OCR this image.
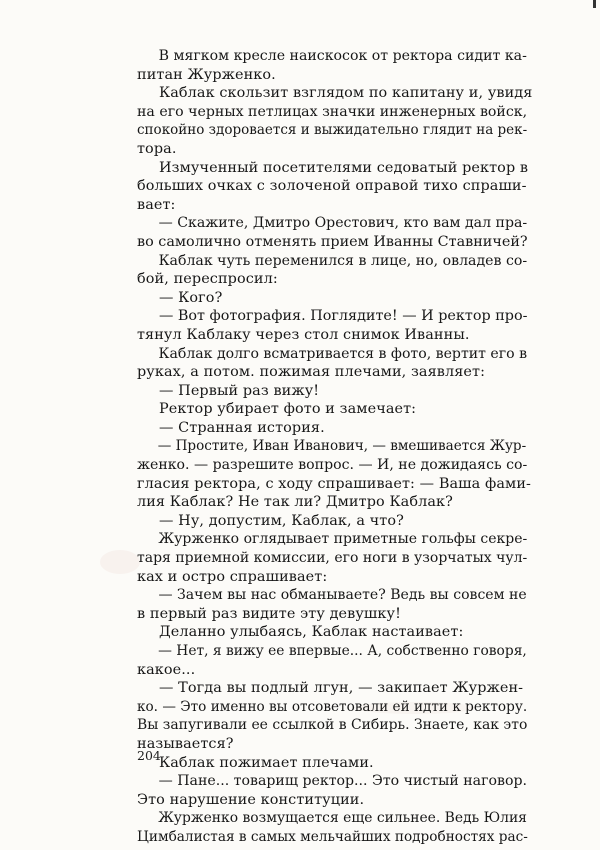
В мягком кресле наискосок от ректора сидит ка-
питан Журженко.
Каблак скользит взглядом по капитану и, увидя
на его черных петлицах значки инженерных войск,
спокойно здоровается и выжидательно глядит на рек-
тора.
Измученный посетителями седоватый ректор в
больших очках с золоченой оправой тихо спраши-
вает:
— Скажите, Дмитро Орестович, кто вам дал пра-
во самолично отменять прием Иванны Ставничей?
Каблак чуть переменился в лице, но, овладев со-
бой, переспросил:
— Кого?
— Вот фотография. Поглядите! — И ректор про-
тянул Каблаку через стол снимок Иванны.
Каблак долго всматривается в фото, вертит его в
руках, а потом. пожимая плечами, заявляет:
— Первый раз вижу!
Ректор убирает фото и замечает:
— Странная история.
— Простите, Иван Иванович, — вмешивается Жур-
женко. — разрешите вопрос. — И, не дожидаясь со-
гласия ректора, с ходу спрашивает: — Ваша фами-
лия Каблак? Не так ли? Дмитро Каблак?
— Ну, допустим, Каблак, а что?
Журженко оглядывает приметные гольфы секре-
таря приемной комиссии, его ноги в узорчатых чул-
ках и остро спрашивает:
— Зачем вы нас обманываете? Ведь вы совсем не
в первый раз видите эту девушку!
Деланно улыбаясь, Каблак настаивает:
— Нет, я вижу ее впервые... А, собственно говоря,
какое...
— Тогда вы подлый лгун, — закипает Журжен-
ко. — Это именно вы отсоветовали ей идти к ректору.
Вы запугивали ее ссылкой в Сибирь. Знаете, как это
называется?
Каблак пожимает плечами.
— Пане... товарищ ректор... Это чистый наговор.
Это нарушение конституции.
Журженко возмущается еще сильнее. Ведь Юлия
Цимбалистая в самых мельчайших подробностях рас-
204
